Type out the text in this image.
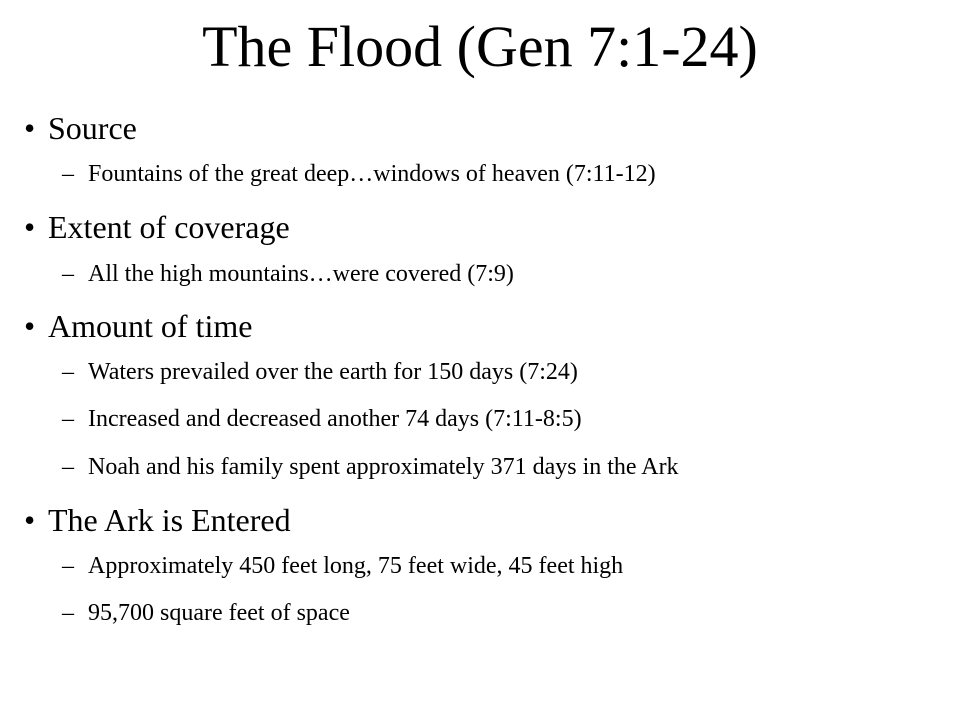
The Flood (Gen 7:1-24)
• Source
– Fountains of the great deep…windows of heaven (7:11-12)
• Extent of coverage
– All the high mountains…were covered (7:9)
• Amount of time
– Waters prevailed over the earth for 150 days (7:24)
– Increased and decreased another 74 days (7:11-8:5)
– Noah and his family spent approximately 371 days in the Ark
• The Ark is Entered
– Approximately 450 feet long, 75 feet wide, 45 feet high
– 95,700 square feet of space
